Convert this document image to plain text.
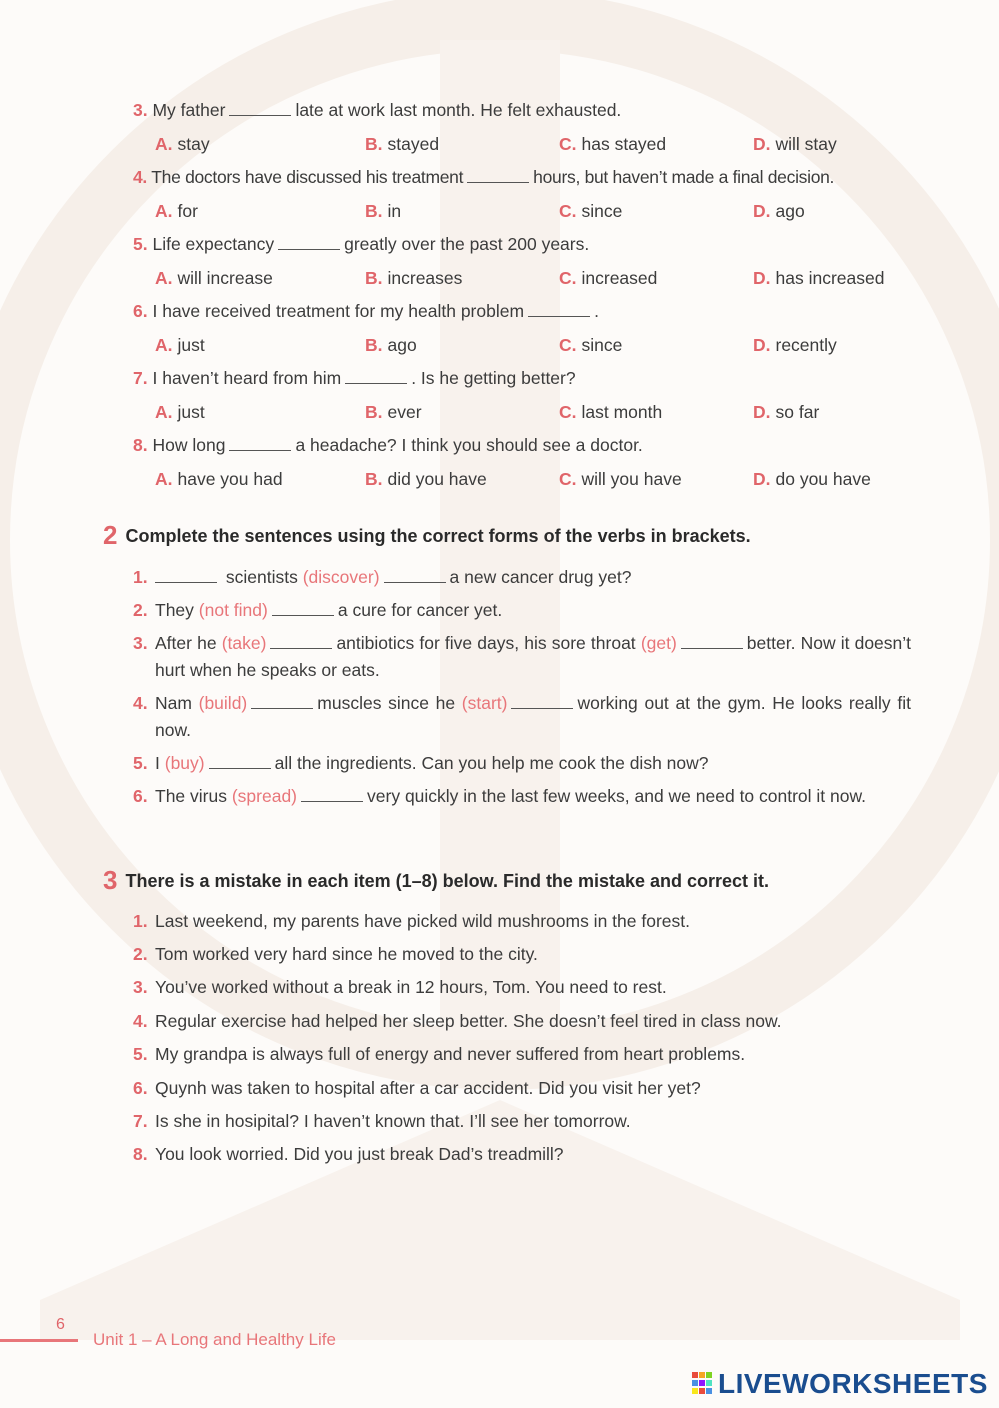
3. My father	late at work last month. He felt exhausted.
A. stay	B. stayed	C. has stayed	D. will stay
4. The doctors have discussed his treatment	hours, but haven’t made a final decision.
A. for	B. in	C. since	D. ago
5. Life expectancy	greatly over the past 200 years.
A. will increase	B. increases	C. increased	D. has increased
6. I have received treatment for my health problem	.
A. just	B. ago	C. since	D. recently
7. I haven’t heard from him	. Is he getting better?
A. just	B. ever	C. last month	D. so far
8. How long	a headache? I think you should see a doctor.
A. have you had	B. did you have	C. will you have	D. do you have
2 Complete the sentences using the correct forms of the verbs in brackets.
1.	scientists (discover)	a new cancer drug yet?
2. They (not find)	a cure for cancer yet.
3. After he (take)	antibiotics for five days, his sore throat (get)	better. Now it doesn’t hurt when he speaks or eats.
4. Nam (build)	muscles since he (start)	working out at the gym. He looks really fit now.
5. I (buy)	all the ingredients. Can you help me cook the dish now?
6. The virus (spread)	very quickly in the last few weeks, and we need to control it now.
3 There is a mistake in each item (1–8) below. Find the mistake and correct it.
1. Last weekend, my parents have picked wild mushrooms in the forest.
2. Tom worked very hard since he moved to the city.
3. You’ve worked without a break in 12 hours, Tom. You need to rest.
4. Regular exercise had helped her sleep better. She doesn’t feel tired in class now.
5. My grandpa is always full of energy and never suffered from heart problems.
6. Quynh was taken to hospital after a car accident. Did you visit her yet?
7. Is she in hosipital? I haven’t known that. I’ll see her tomorrow.
8. You look worried. Did you just break Dad’s treadmill?
6
Unit 1 – A Long and Healthy Life
LIVEWORKSHEETS
